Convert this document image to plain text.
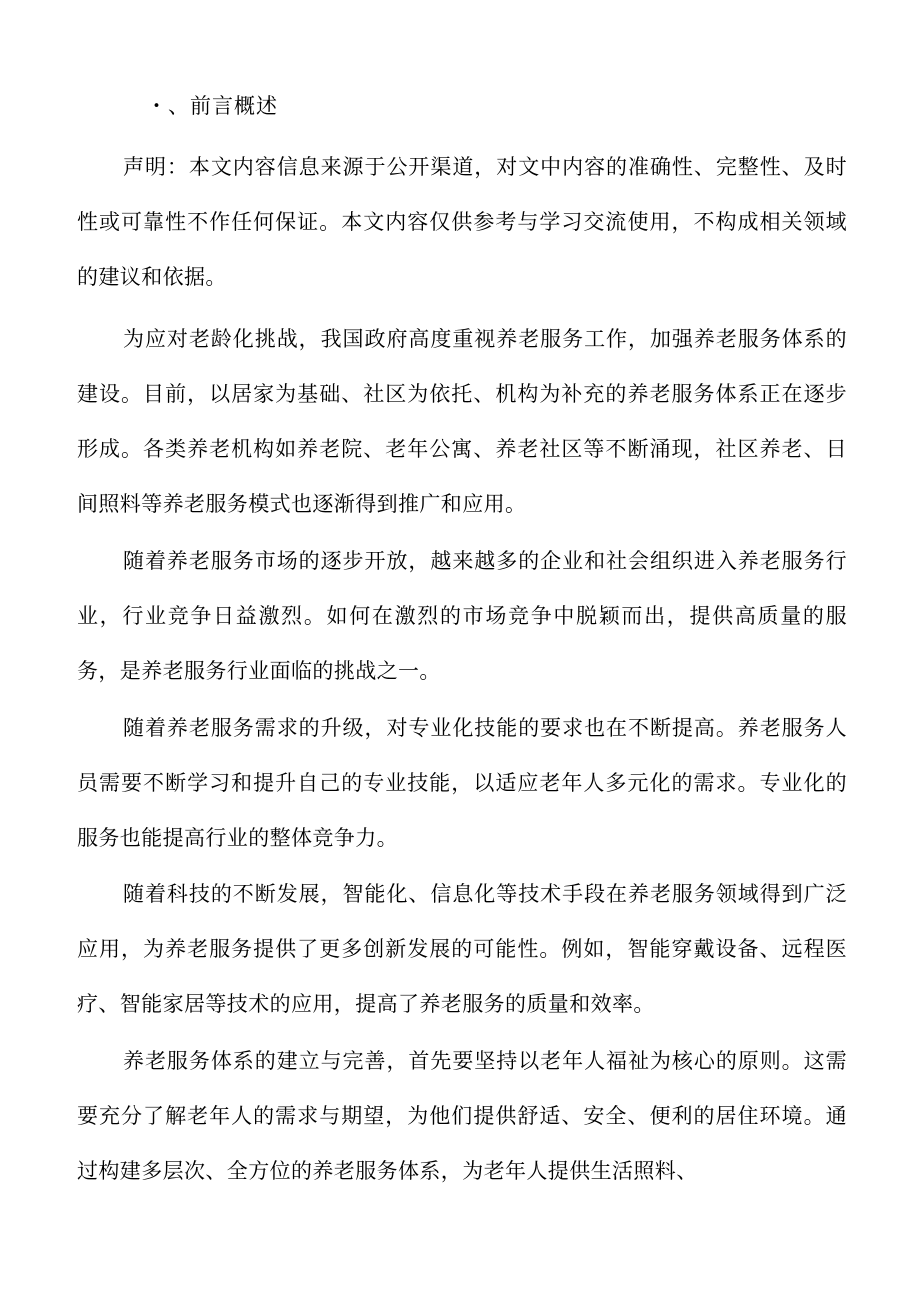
・、前言概述

声明：本文内容信息来源于公开渠道，对文中内容的准确性、完整性、及时性或可靠性不作任何保证。本文内容仅供参考与学习交流使用，不构成相关领域的建议和依据。

为应对老龄化挑战，我国政府高度重视养老服务工作，加强养老服务体系的建设。目前，以居家为基础、社区为依托、机构为补充的养老服务体系正在逐步形成。各类养老机构如养老院、老年公寓、养老社区等不断涌现，社区养老、日间照料等养老服务模式也逐渐得到推广和应用。

随着养老服务市场的逐步开放，越来越多的企业和社会组织进入养老服务行业，行业竞争日益激烈。如何在激烈的市场竞争中脱颖而出，提供高质量的服务，是养老服务行业面临的挑战之一。

随着养老服务需求的升级，对专业化技能的要求也在不断提高。养老服务人员需要不断学习和提升自己的专业技能，以适应老年人多元化的需求。专业化的服务也能提高行业的整体竞争力。

随着科技的不断发展，智能化、信息化等技术手段在养老服务领域得到广泛应用，为养老服务提供了更多创新发展的可能性。例如，智能穿戴设备、远程医疗、智能家居等技术的应用，提高了养老服务的质量和效率。

养老服务体系的建立与完善，首先要坚持以老年人福祉为核心的原则。这需要充分了解老年人的需求与期望，为他们提供舒适、安全、便利的居住环境。通过构建多层次、全方位的养老服务体系，为老年人提供生活照料、
